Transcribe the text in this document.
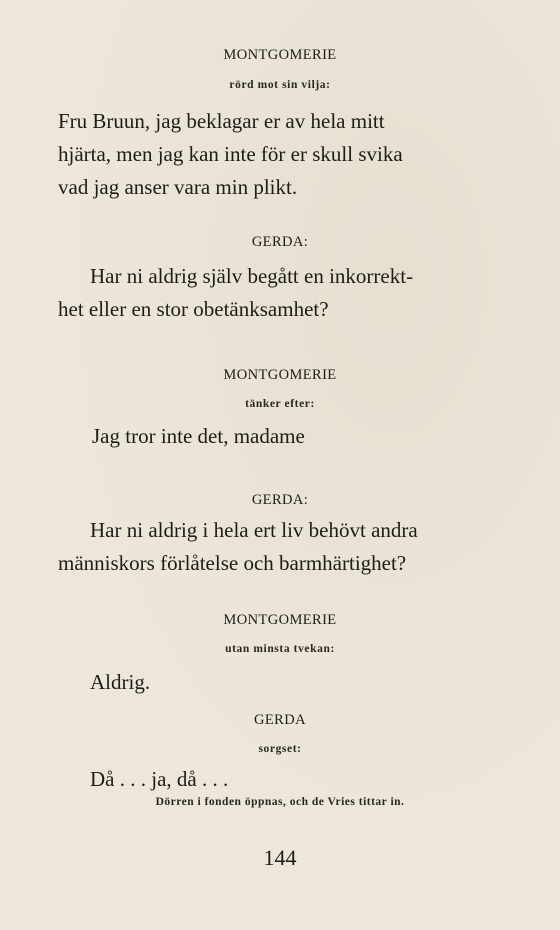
MONTGOMERIE
rörd mot sin vilja:
Fru Bruun, jag beklagar er av hela mitt
hjärta, men jag kan inte för er skull svika
vad jag anser vara min plikt.
GERDA:
Har ni aldrig själv begått en inkorrekt-
het eller en stor obetänksamhet?
MONTGOMERIE
tänker efter:
Jag tror inte det, madame
GERDA:
Har ni aldrig i hela ert liv behövt andra
människors förlåtelse och barmhärtighet?
MONTGOMERIE
utan minsta tvekan:
Aldrig.
GERDA
sorgset:
Då . . . ja, då . . .
Dörren i fonden öppnas, och de Vries tittar in.
144
